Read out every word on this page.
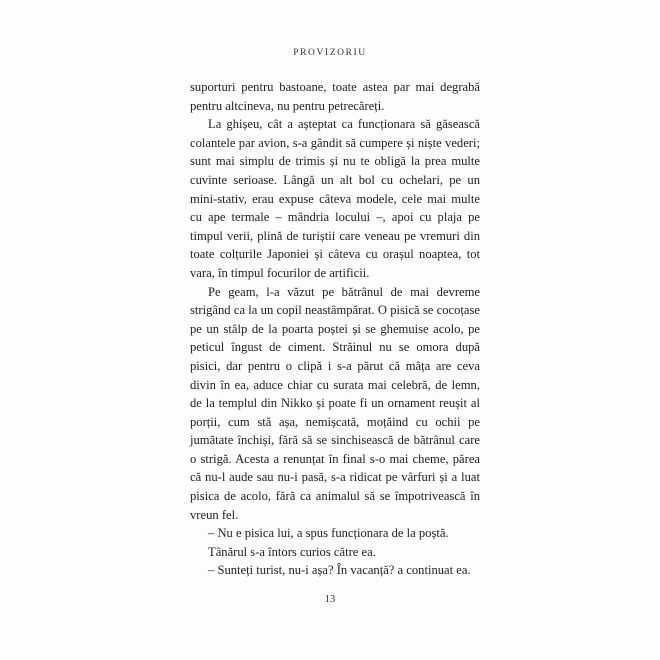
PROVIZORIU

suporturi pentru bastoane, toate astea par mai degrabă pentru altcineva, nu pentru petrecăreți.

La ghișeu, cât a așteptat ca funcționara să găsească colantele par avion, s-a gândit să cumpere și niște vederi; sunt mai simplu de trimis și nu te obligă la prea multe cuvinte serioase. Lângă un alt bol cu ochelari, pe un mini-stativ, erau expuse câteva modele, cele mai multe cu ape termale – mândria locului –, apoi cu plaja pe timpul verii, plină de turiștii care veneau pe vremuri din toate colțurile Japoniei și câteva cu orașul noaptea, tot vara, în timpul focurilor de artificii.

Pe geam, l-a văzut pe bătrânul de mai devreme strigând ca la un copil neastâmpărat. O pisică se cocoțase pe un stâlp de la poarta poștei și se ghemuise acolo, pe peticul îngust de ciment. Străinul nu se omora după pisici, dar pentru o clipă i s-a părut că mâța are ceva divin în ea, aduce chiar cu surata mai celebră, de lemn, de la templul din Nikko și poate fi un ornament reușit al porții, cum stă așa, nemișcată, moțăind cu ochii pe jumătate închiși, fără să se sinchisească de bătrânul care o strigă. Acesta a renunțat în final s-o mai cheme, părea că nu-l aude sau nu-i pasă, s-a ridicat pe vârfuri și a luat pisica de acolo, fără ca animalul să se împotrivească în vreun fel.

– Nu e pisica lui, a spus funcționara de la poștă.

Tânărul s-a întors curios către ea.

– Sunteți turist, nu-i așa? În vacanță? a continuat ea.

13
